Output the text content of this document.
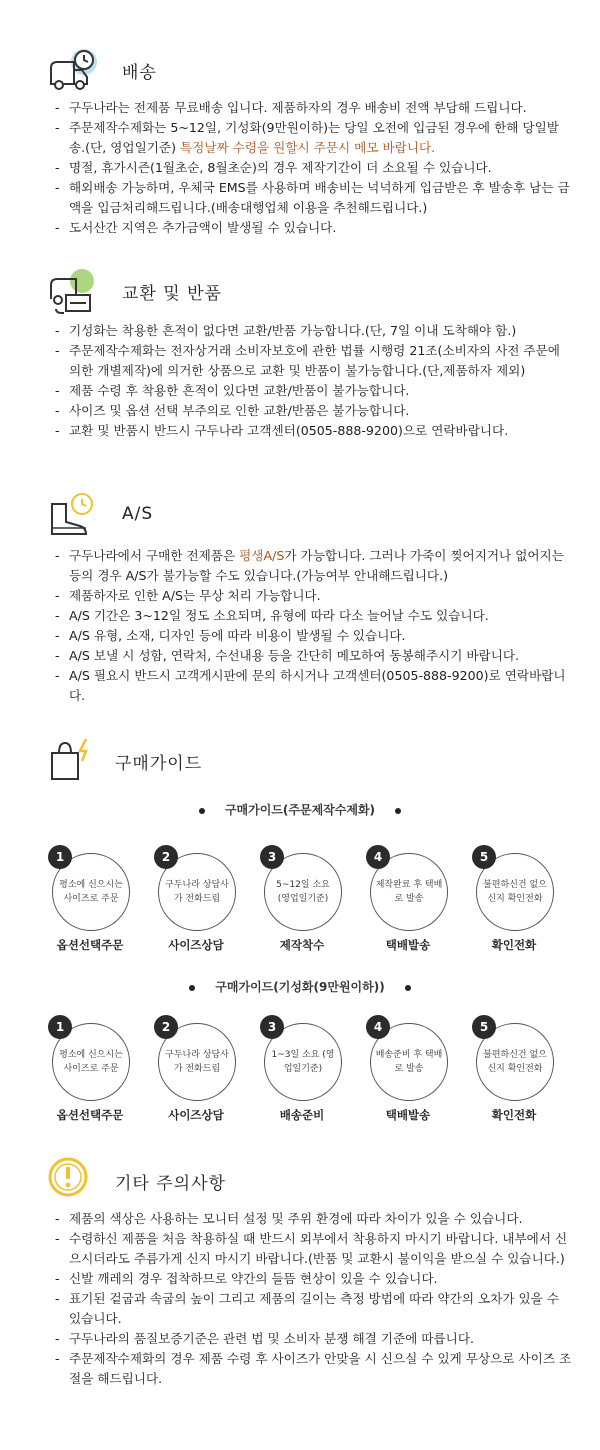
배송
- 구두나라는 전제품 무료배송 입니다. 제품하자의 경우 배송비 전액 부담해 드립니다.
- 주문제작수제화는 5~12일, 기성화(9만원이하)는 당일 오전에 입금된 경우에 한해 당일발송.(단, 영업일기준) 특정날짜 수령을 원할시 주문시 메모 바랍니다.
- 명절, 휴가시즌(1월초순, 8월초순)의 경우 제작기간이 더 소요될 수 있습니다.
- 해외배송 가능하며, 우체국 EMS를 사용하며 배송비는 넉넉하게 입금받은 후 발송후 남는 금액을 입금처리해드립니다.(배송대행업체 이용을 추천해드립니다.)
- 도서산간 지역은 추가금액이 발생될 수 있습니다.
교환 및 반품
- 기성화는 착용한 흔적이 없다면 교환/반품 가능합니다.(단, 7일 이내 도착해야 함.)
- 주문제작수제화는 전자상거래 소비자보호에 관한 법률 시행령 21조(소비자의 사전 주문에 의한 개별제작)에 의거한 상품으로 교환 및 반품이 불가능합니다.(단,제품하자 제외)
- 제품 수령 후 착용한 흔적이 있다면 교환/반품이 불가능합니다.
- 사이즈 및 옵션 선택 부주의로 인한 교환/반품은 불가능합니다.
- 교환 및 반품시 반드시 구두나라 고객센터(0505-888-9200)으로 연락바랍니다.
A/S
- 구두나라에서 구매한 전제품은 평생A/S가 가능합니다. 그러나 가죽이 찢어지거나 없어지는 등의 경우 A/S가 불가능할 수도 있습니다.(가능여부 안내해드립니다.)
- 제품하자로 인한 A/S는 무상 처리 가능합니다.
- A/S 기간은 3~12일 정도 소요되며, 유형에 따라 다소 늘어날 수도 있습니다.
- A/S 유형, 소재, 디자인 등에 따라 비용이 발생될 수 있습니다.
- A/S 보낼 시 성함, 연락처, 수선내용 등을 간단히 메모하여 동봉해주시기 바랍니다.
- A/S 필요시 반드시 고객게시판에 문의 하시거나 고객센터(0505-888-9200)로 연락바랍니다.
구매가이드
구매가이드(주문제작수제화)
평소에 신으시는 사이즈로 주문
1
옵션선택주문
구두나라 상담사가 전화드림
2
사이즈상담
5~12일 소요 (영업일기준)
3
제작착수
제작완료 후 택배로 발송
4
택배발송
불편하신건 없으신지 확인전화
5
확인전화
구매가이드(기성화(9만원이하))
평소에 신으시는 사이즈로 주문
1
옵션선택주문
구두나라 상담사가 전화드림
2
사이즈상담
1~3일 소요 (영업일기준)
3
배송준비
배송준비 후 택배로 발송
4
택배발송
불편하신건 없으신지 확인전화
5
확인전화
기타 주의사항
- 제품의 색상은 사용하는 모니터 설정 및 주위 환경에 따라 차이가 있을 수 있습니다.
- 수령하신 제품을 처음 착용하실 때 반드시 외부에서 착용하지 마시기 바랍니다. 내부에서 신으시더라도 주름가게 신지 마시기 바랍니다.(반품 및 교환시 불이익을 받으실 수 있습니다.)
- 신발 깨레의 경우 접착하므로 약간의 들뜸 현상이 있을 수 있습니다.
- 표기된 겉굽과 속굽의 높이 그리고 제품의 길이는 측정 방법에 따라 약간의 오차가 있을 수 있습니다.
- 구두나라의 품질보증기준은 관련 법 및 소비자 분쟁 해결 기준에 따릅니다.
- 주문제작수제화의 경우 제품 수령 후 사이즈가 안맞을 시 신으실 수 있게 무상으로 사이즈 조절을 해드립니다.
